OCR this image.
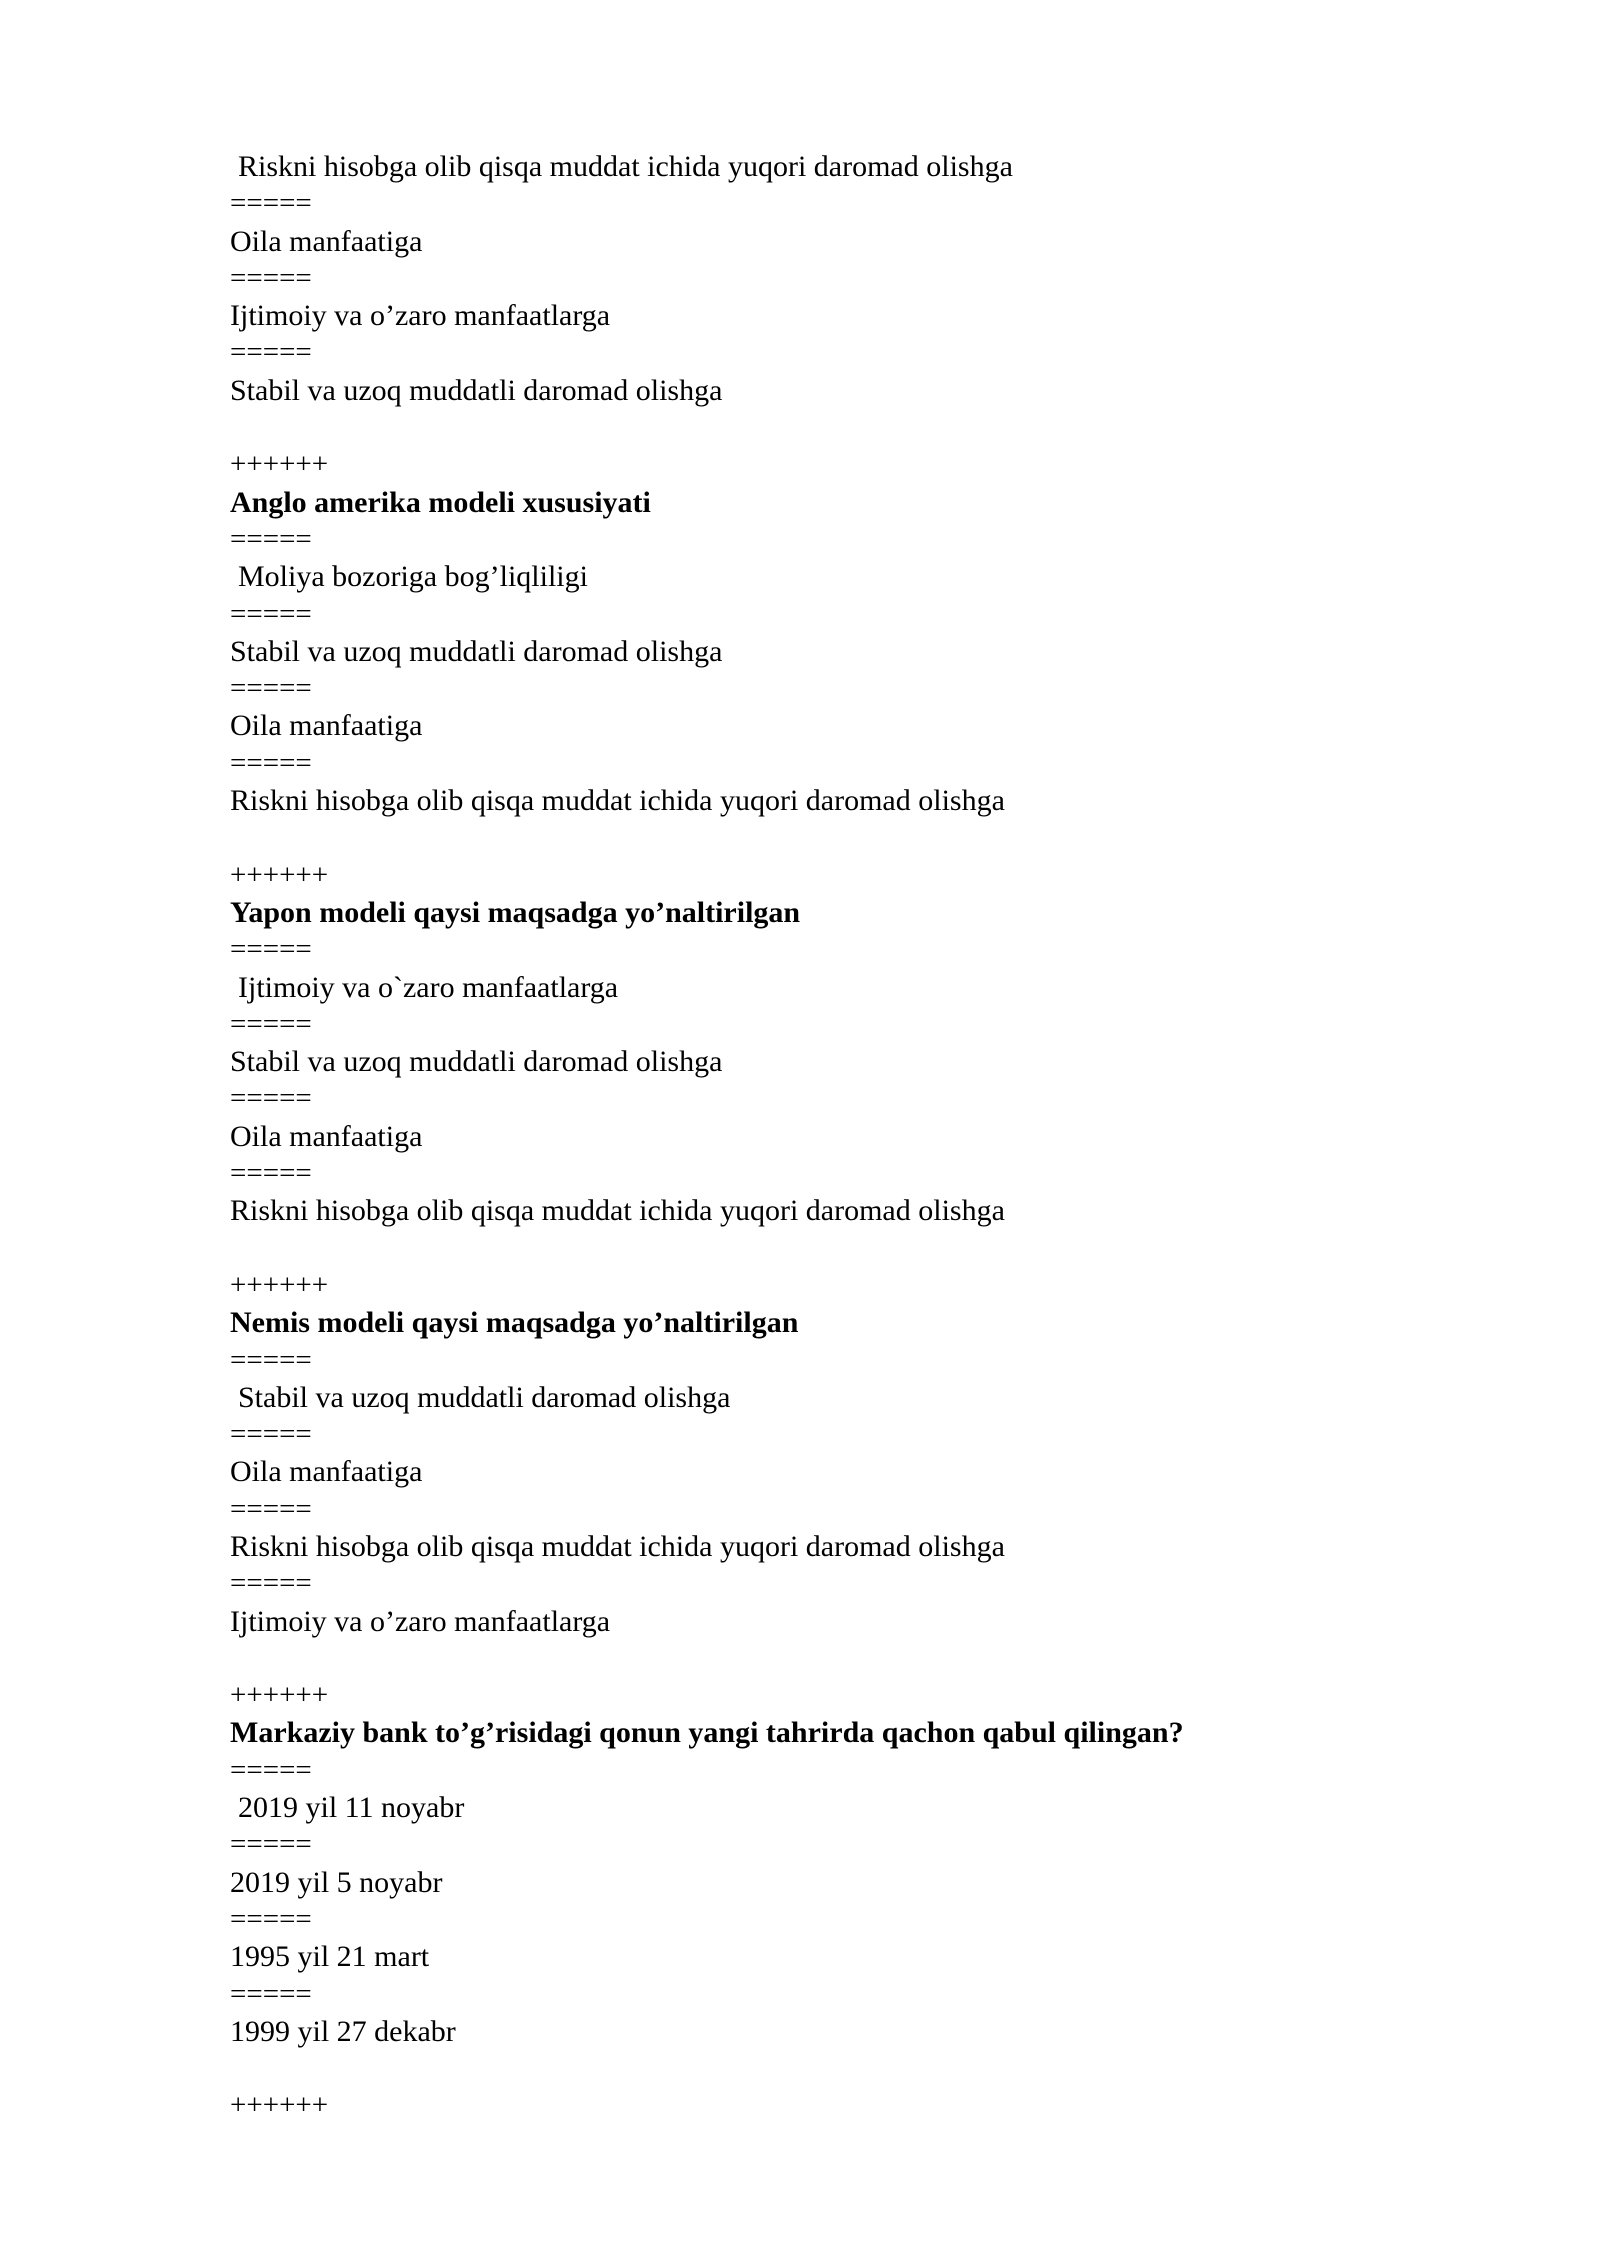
Riskni hisobga olib qisqa muddat ichida yuqori daromad olishga
=====
Oila manfaatiga
=====
Ijtimoiy va o’zaro manfaatlarga
=====
Stabil va uzoq muddatli daromad olishga
++++++
Anglo amerika modeli xususiyati
=====
Moliya bozoriga bog’liqliligi
=====
Stabil va uzoq muddatli daromad olishga
=====
Oila manfaatiga
=====
Riskni hisobga olib qisqa muddat ichida yuqori daromad olishga
++++++
Yapon modeli qaysi maqsadga yo’naltirilgan
=====
Ijtimoiy va o`zaro manfaatlarga
=====
Stabil va uzoq muddatli daromad olishga
=====
Oila manfaatiga
=====
Riskni hisobga olib qisqa muddat ichida yuqori daromad olishga
++++++
Nemis modeli qaysi maqsadga yo’naltirilgan
=====
Stabil va uzoq muddatli daromad olishga
=====
Oila manfaatiga
=====
Riskni hisobga olib qisqa muddat ichida yuqori daromad olishga
=====
Ijtimoiy va o’zaro manfaatlarga
++++++
Markaziy bank to’g’risidagi qonun yangi tahrirda qachon qabul qilingan?
=====
2019 yil 11 noyabr
=====
2019 yil 5 noyabr
=====
1995 yil 21 mart
=====
1999 yil 27 dekabr
++++++
